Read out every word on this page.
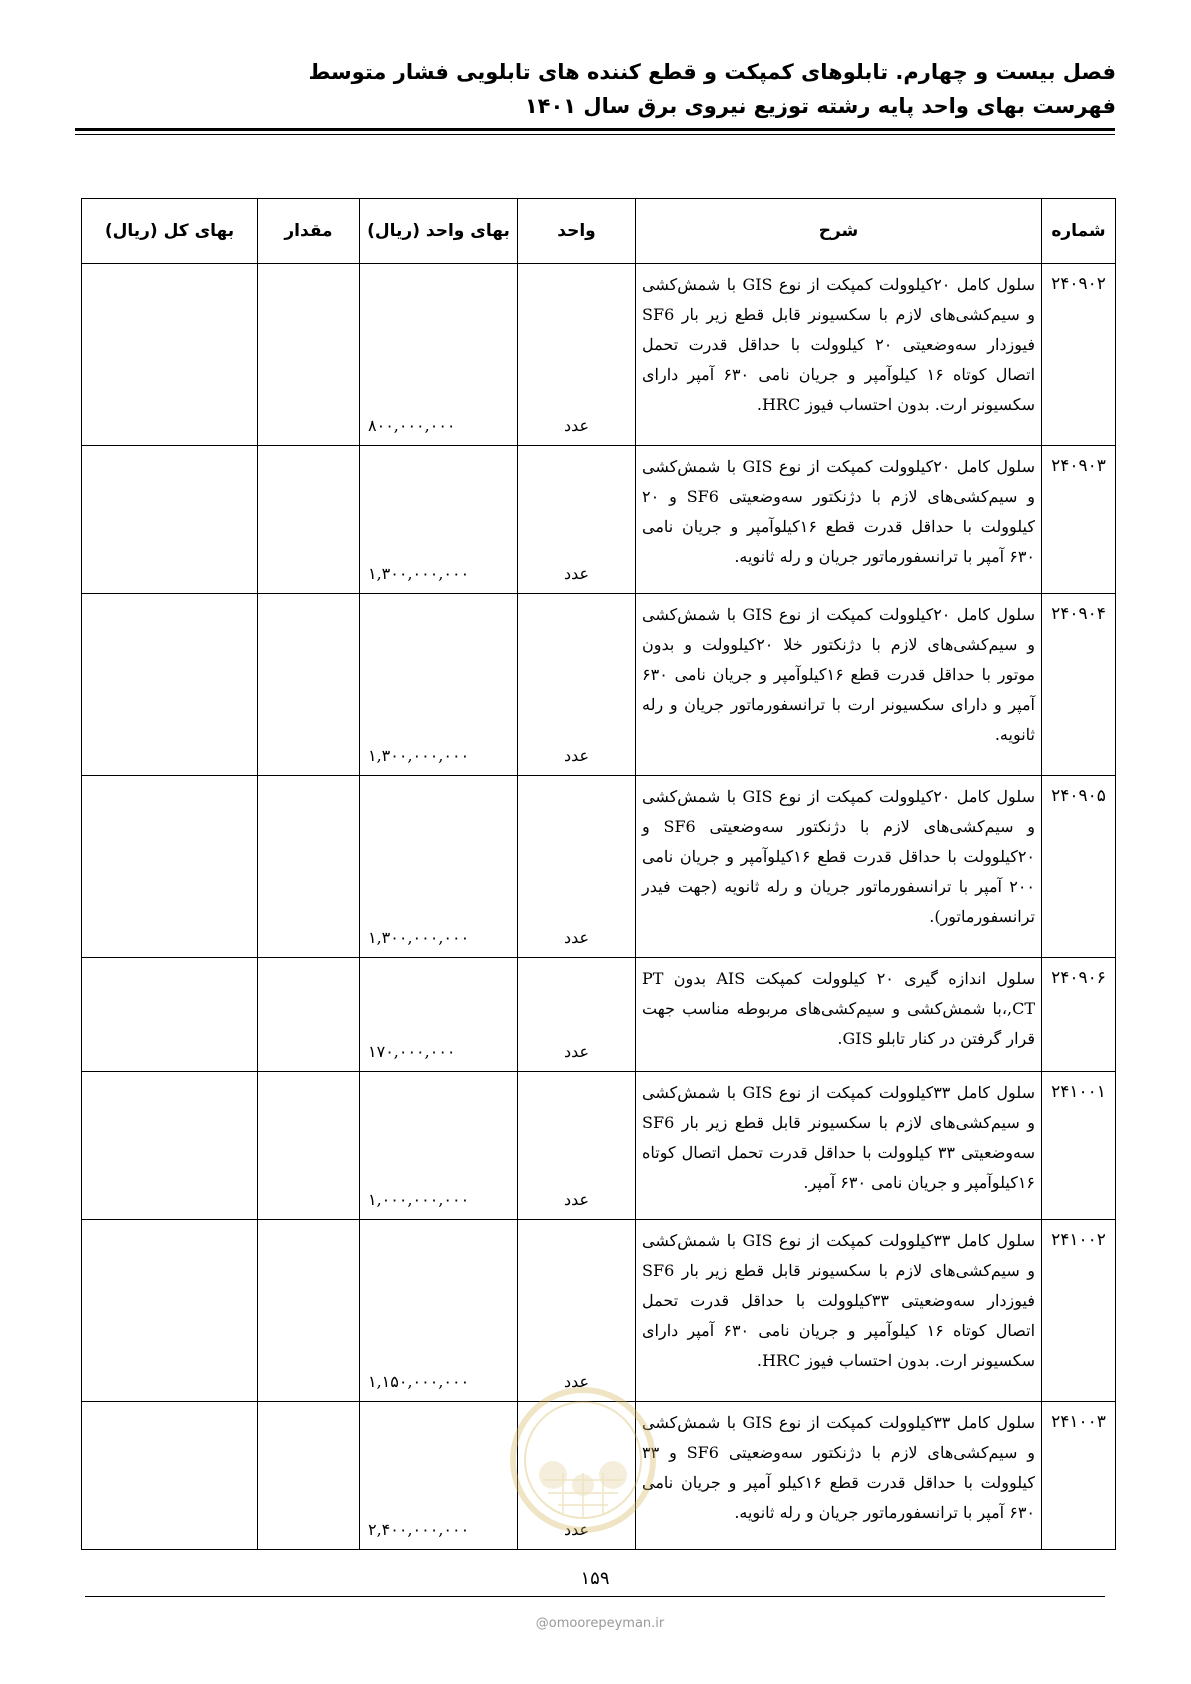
فصل بیست و چهارم. تابلوهای کمپکت و قطع کننده های تابلویی فشار متوسط
فهرست بهای واحد پایه رشته توزیع نیروی برق سال ۱۴۰۱
شماره	شرح	واحد	بهای واحد (ریال)	مقدار	بهای کل (ریال)
۲۴۰۹۰۲	سلول کامل ۲۰کیلوولت کمپکت از نوع GIS با شمش‌کشی و سیم‌کشی‌های لازم با سکسیونر قابل قطع زیر بار SF6 فیوزدار سه‌وضعیتی ۲۰ کیلوولت با حداقل قدرت تحمل اتصال کوتاه ۱۶ کیلوآمپر و جریان نامی ۶۳۰ آمپر دارای سکسیونر ارت. بدون احتساب فیوز HRC.	عدد	۸۰۰,۰۰۰,۰۰۰		
۲۴۰۹۰۳	سلول کامل ۲۰کیلوولت کمپکت از نوع GIS با شمش‌کشی و سیم‌کشی‌های لازم با دژنکتور سه‌وضعیتی SF6 و ۲۰ کیلوولت با حداقل قدرت قطع ۱۶کیلوآمپر و جریان نامی ۶۳۰ آمپر با ترانسفورماتور جریان و رله ثانویه.	عدد	۱,۳۰۰,۰۰۰,۰۰۰		
۲۴۰۹۰۴	سلول کامل ۲۰کیلوولت کمپکت از نوع GIS با شمش‌کشی و سیم‌کشی‌های لازم با دژنکتور خلا ۲۰کیلوولت و بدون موتور با حداقل قدرت قطع ۱۶کیلوآمپر و جریان نامی ۶۳۰ آمپر و دارای سکسیونر ارت با ترانسفورماتور جریان و رله ثانویه.	عدد	۱,۳۰۰,۰۰۰,۰۰۰		
۲۴۰۹۰۵	سلول کامل ۲۰کیلوولت کمپکت از نوع GIS با شمش‌کشی و سیم‌کشی‌های لازم با دژنکتور سه‌وضعیتی SF6 و ۲۰کیلوولت با حداقل قدرت قطع ۱۶کیلوآمپر و جریان نامی ۲۰۰ آمپر با ترانسفورماتور جریان و رله ثانویه (جهت فیدر ترانسفورماتور).	عدد	۱,۳۰۰,۰۰۰,۰۰۰		
۲۴۰۹۰۶	سلول اندازه گیری ۲۰ کیلوولت کمپکت AIS بدون PT ,CT،با شمش‌کشی و سیم‌کشی‌های مربوطه مناسب جهت قرار گرفتن در کنار تابلو GIS.	عدد	۱۷۰,۰۰۰,۰۰۰		
۲۴۱۰۰۱	سلول کامل ۳۳کیلوولت کمپکت از نوع GIS با شمش‌کشی و سیم‌کشی‌های لازم با سکسیونر قابل قطع زیر بار SF6 سه‌وضعیتی ۳۳ کیلوولت با حداقل قدرت تحمل اتصال کوتاه ۱۶کیلوآمپر و جریان نامی ۶۳۰ آمپر.	عدد	۱,۰۰۰,۰۰۰,۰۰۰		
۲۴۱۰۰۲	سلول کامل ۳۳کیلوولت کمپکت از نوع GIS با شمش‌کشی و سیم‌کشی‌های لازم با سکسیونر قابل قطع زیر بار SF6 فیوزدار سه‌وضعیتی ۳۳کیلوولت با حداقل قدرت تحمل اتصال کوتاه ۱۶ کیلوآمپر و جریان نامی ۶۳۰ آمپر دارای سکسیونر ارت. بدون احتساب فیوز HRC.	عدد	۱,۱۵۰,۰۰۰,۰۰۰		
۲۴۱۰۰۳	سلول کامل ۳۳کیلوولت کمپکت از نوع GIS با شمش‌کشی و سیم‌کشی‌های لازم با دژنکتور سه‌وضعیتی SF6 و ۳۳ کیلوولت با حداقل قدرت قطع ۱۶کیلو آمپر و جریان نامی ۶۳۰ آمپر با ترانسفورماتور جریان و رله ثانویه.	عدد	۲,۴۰۰,۰۰۰,۰۰۰		
۱۵۹
@omoorepeyman.ir
